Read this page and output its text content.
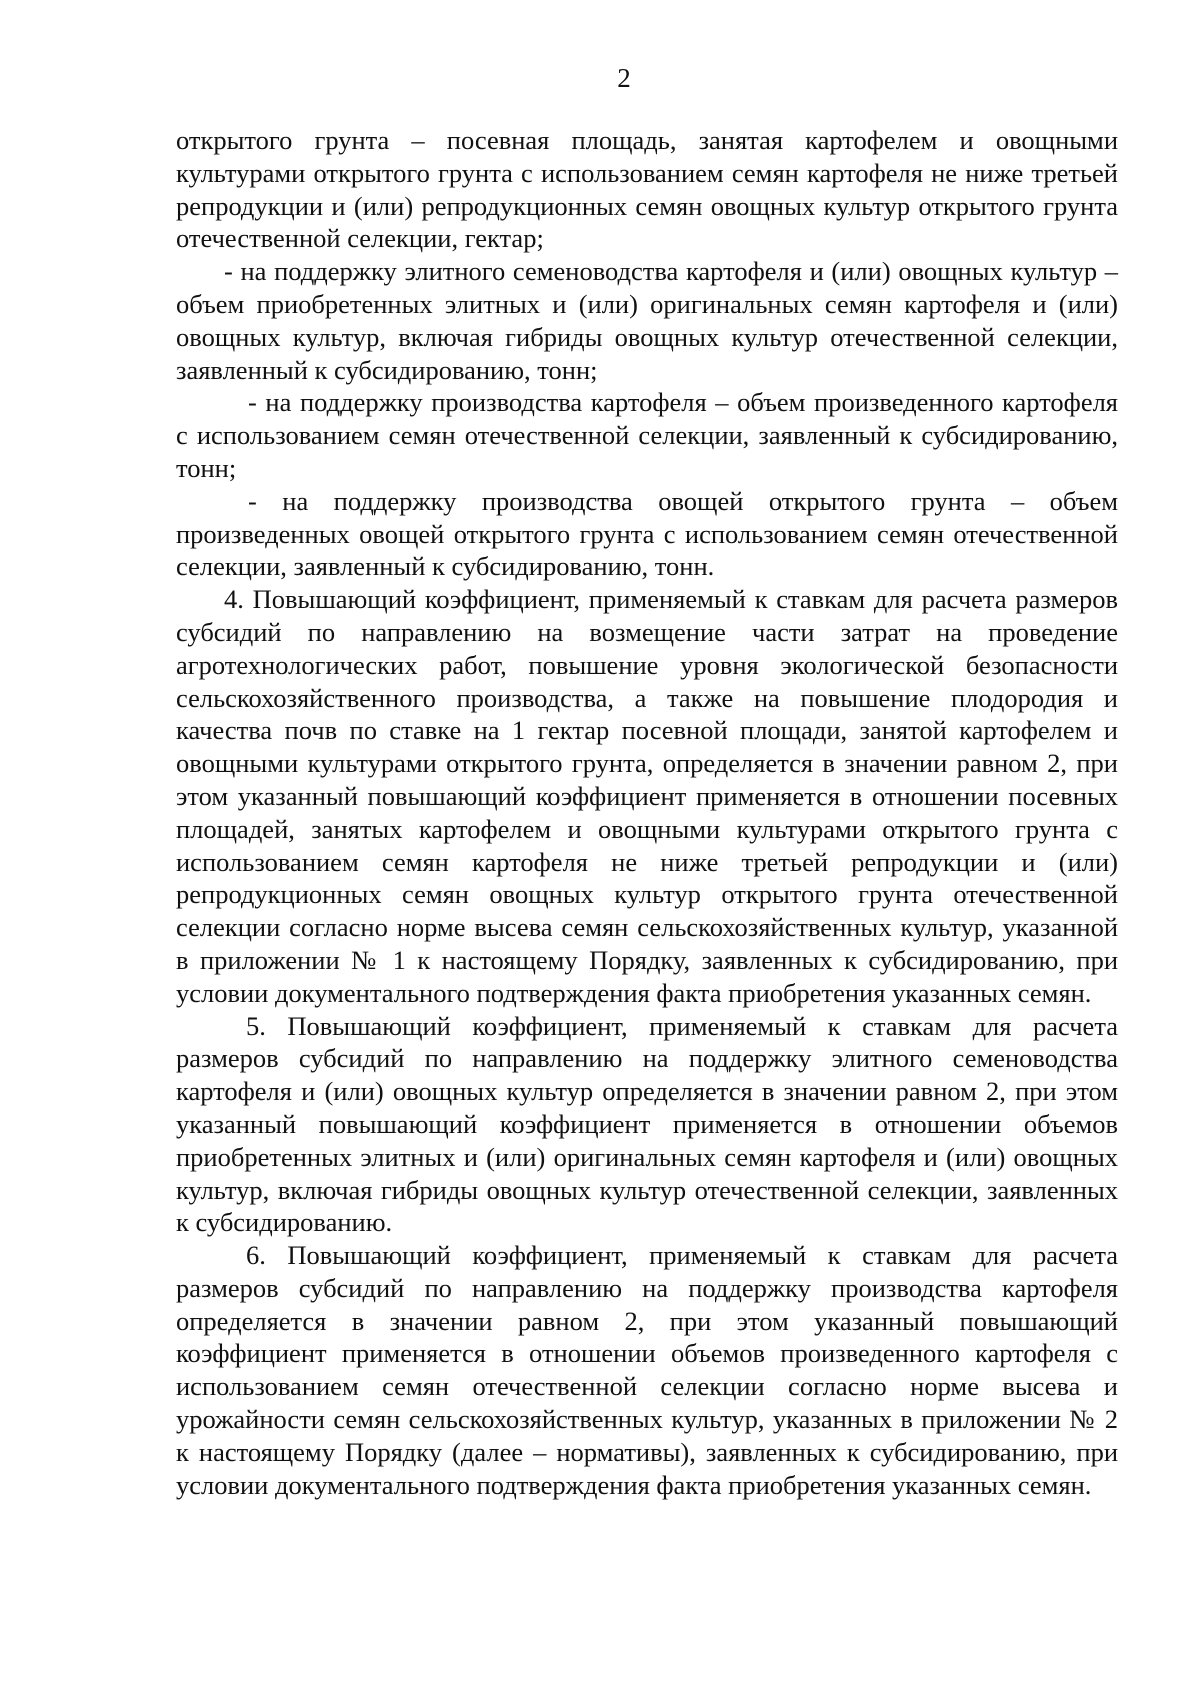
2

открытого грунта – посевная площадь, занятая картофелем и овощными культурами открытого грунта с использованием семян картофеля не ниже третьей репродукции и (или) репродукционных семян овощных культур открытого грунта отечественной селекции, гектар;

- на поддержку элитного семеноводства картофеля и (или) овощных культур – объем приобретенных элитных и (или) оригинальных семян картофеля и (или) овощных культур, включая гибриды овощных культур отечественной селекции, заявленный к субсидированию, тонн;

- на поддержку производства картофеля – объем произведенного картофеля с использованием семян отечественной селекции, заявленный к субсидированию, тонн;

- на поддержку производства овощей открытого грунта – объем произведенных овощей открытого грунта с использованием семян отечественной селекции, заявленный к субсидированию, тонн.

4. Повышающий коэффициент, применяемый к ставкам для расчета размеров субсидий по направлению на возмещение части затрат на проведение агротехнологических работ, повышение уровня экологической безопасности сельскохозяйственного производства, а также на повышение плодородия и качества почв по ставке на 1 гектар посевной площади, занятой картофелем и овощными культурами открытого грунта, определяется в значении равном 2, при этом указанный повышающий коэффициент применяется в отношении посевных площадей, занятых картофелем и овощными культурами открытого грунта с использованием семян картофеля не ниже третьей репродукции и (или) репродукционных семян овощных культур открытого грунта отечественной селекции согласно норме высева семян сельскохозяйственных культур, указанной в приложении № 1 к настоящему Порядку, заявленных к субсидированию, при условии документального подтверждения факта приобретения указанных семян.

5. Повышающий коэффициент, применяемый к ставкам для расчета размеров субсидий по направлению на поддержку элитного семеноводства картофеля и (или) овощных культур определяется в значении равном 2, при этом указанный повышающий коэффициент применяется в отношении объемов приобретенных элитных и (или) оригинальных семян картофеля и (или) овощных культур, включая гибриды овощных культур отечественной селекции, заявленных к субсидированию.

6. Повышающий коэффициент, применяемый к ставкам для расчета размеров субсидий по направлению на поддержку производства картофеля определяется в значении равном 2, при этом указанный повышающий коэффициент применяется в отношении объемов произведенного картофеля с использованием семян отечественной селекции согласно норме высева и урожайности семян сельскохозяйственных культур, указанных в приложении № 2 к настоящему Порядку (далее – нормативы), заявленных к субсидированию, при условии документального подтверждения факта приобретения указанных семян.
